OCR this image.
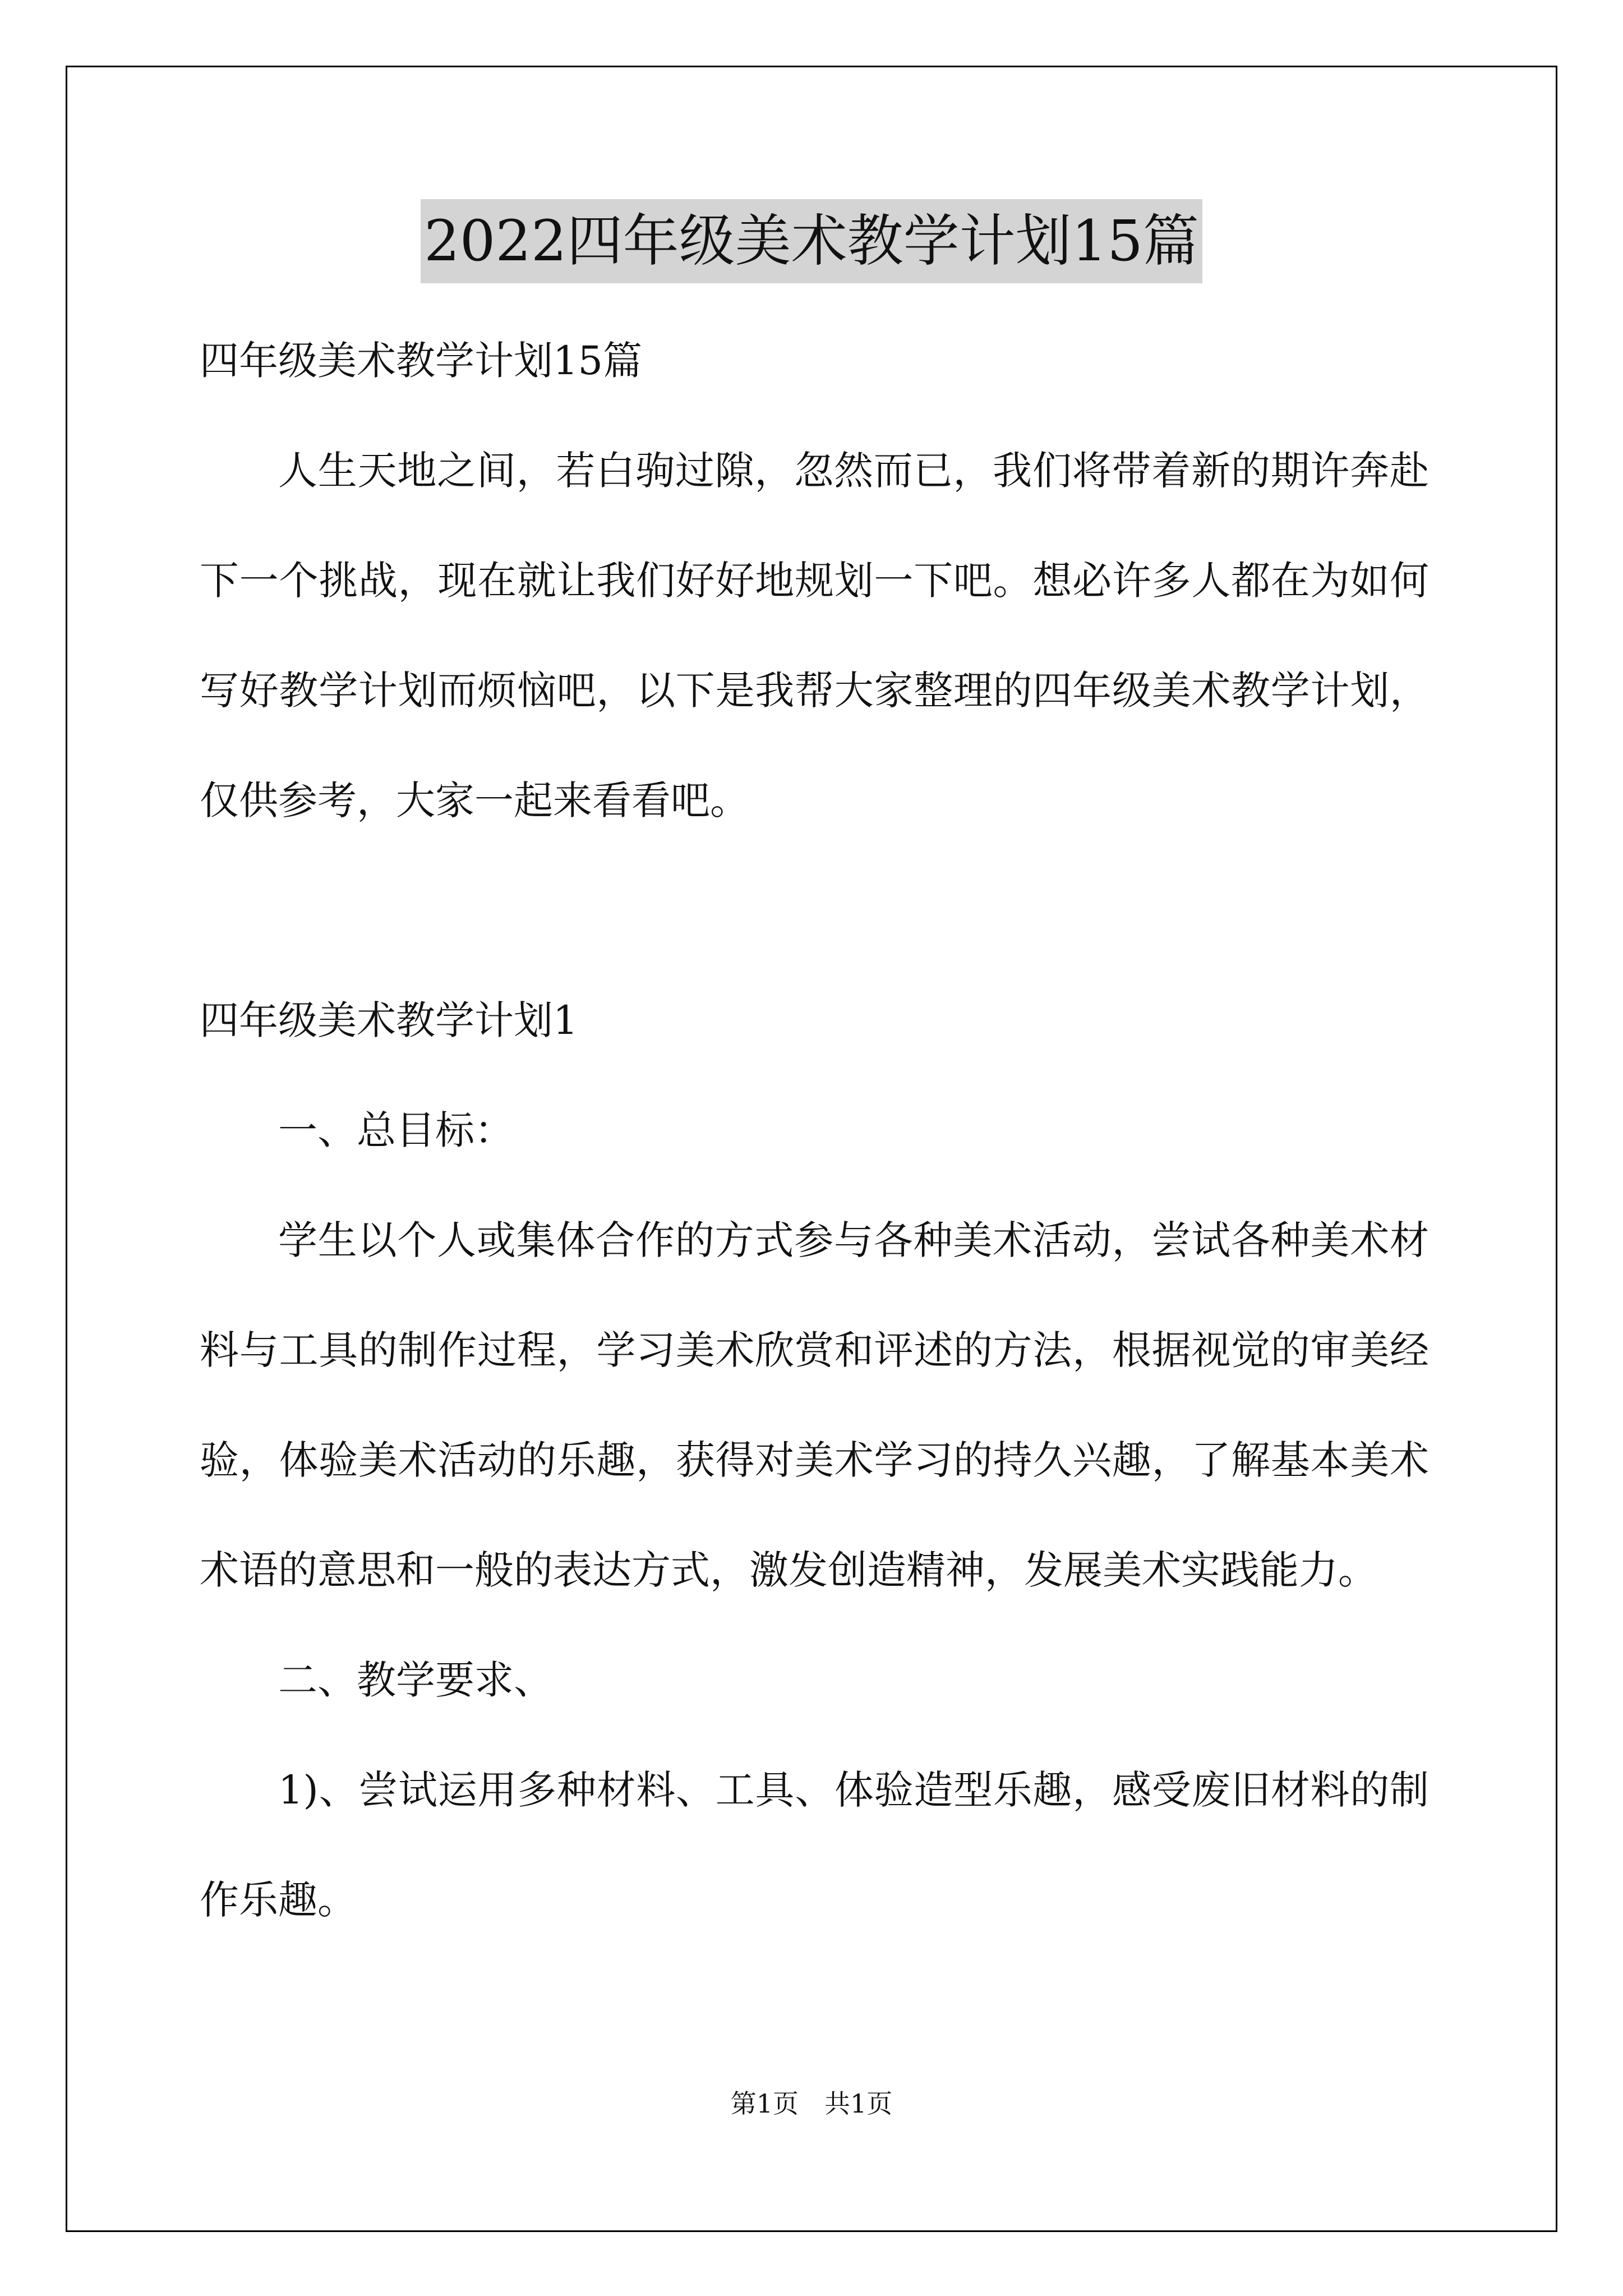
2022四年级美术教学计划15篇

四年级美术教学计划15篇

人生天地之间，若白驹过隙，忽然而已，我们将带着新的期许奔赴下一个挑战，现在就让我们好好地规划一下吧。想必许多人都在为如何写好教学计划而烦恼吧，以下是我帮大家整理的四年级美术教学计划，仅供参考，大家一起来看看吧。

四年级美术教学计划1

一、总目标：

学生以个人或集体合作的方式参与各种美术活动，尝试各种美术材料与工具的制作过程，学习美术欣赏和评述的方法，根据视觉的审美经验，体验美术活动的乐趣，获得对美术学习的持久兴趣，了解基本美术术语的意思和一般的表达方式，激发创造精神，发展美术实践能力。

二、教学要求、

1)、尝试运用多种材料、工具、体验造型乐趣，感受废旧材料的制作乐趣。

第1页　共1页
